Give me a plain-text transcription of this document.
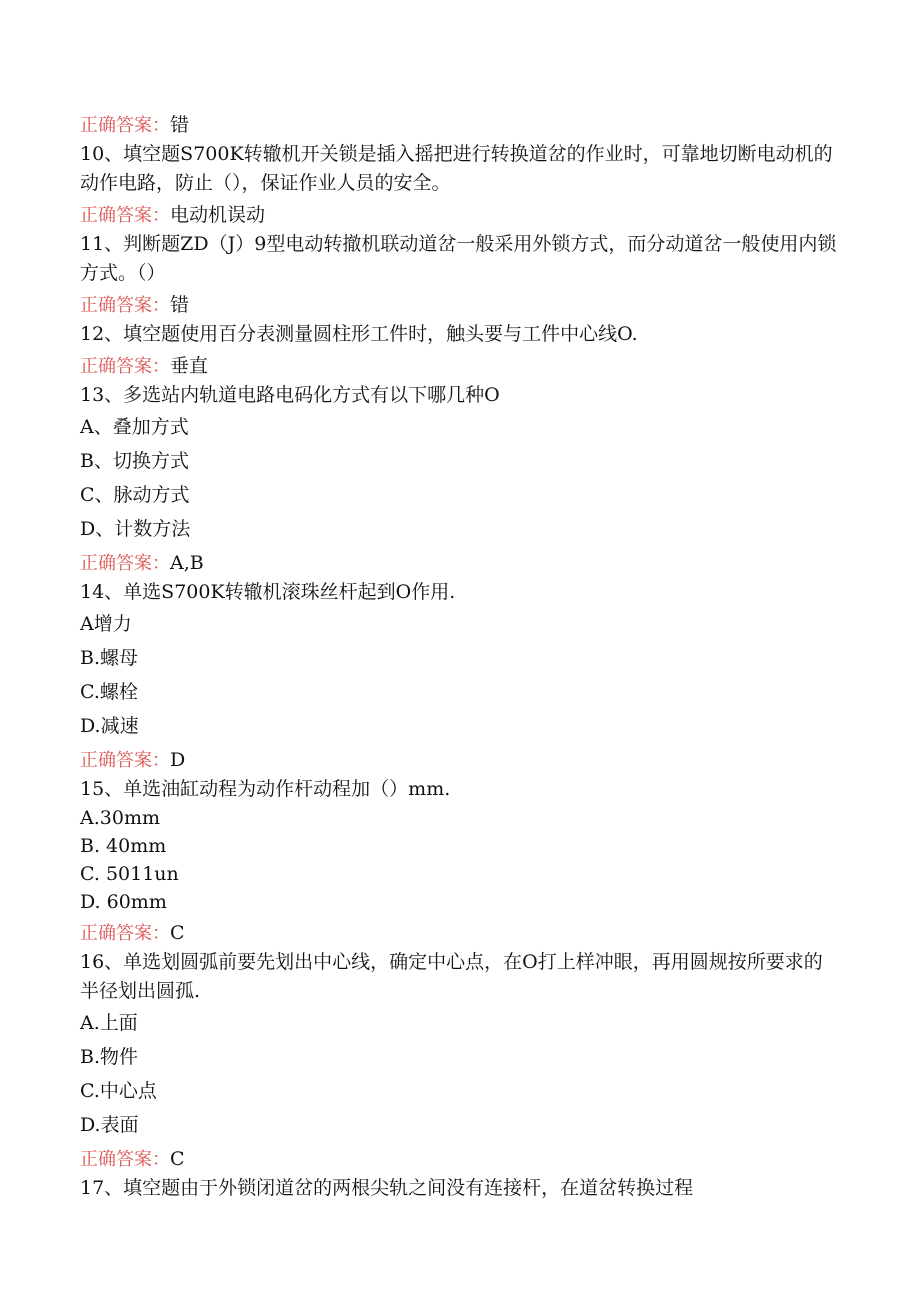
正确答案：错
10、填空题S700K转辙机开关锁是插入摇把进行转换道岔的作业时，可靠地切断电动机的动作电路，防止（），保证作业人员的安全。
正确答案：电动机误动
11、判断题ZD（J）9型电动转撤机联动道岔一般采用外锁方式，而分动道岔一般使用内锁方式。（）
正确答案：错
12、填空题使用百分表测量圆柱形工件时，触头要与工件中心线O.
正确答案：垂直
13、多选站内轨道电路电码化方式有以下哪几种O
A、叠加方式
B、切换方式
C、脉动方式
D、计数方法
正确答案：A,B
14、单选S700K转辙机滚珠丝杆起到O作用.
A增力
B.螺母
C.螺栓
D.减速
正确答案：D
15、单选油缸动程为动作杆动程加（）mm.
A.30mm
B. 40mm
C. 5011un
D. 60mm
正确答案：C
16、单选划圆弧前要先划出中心线，确定中心点，在O打上样冲眼，再用圆规按所要求的半径划出圆孤.
A.上面
B.物件
C.中心点
D.表面
正确答案：C
17、填空题由于外锁闭道岔的两根尖轨之间没有连接杆，在道岔转换过程
